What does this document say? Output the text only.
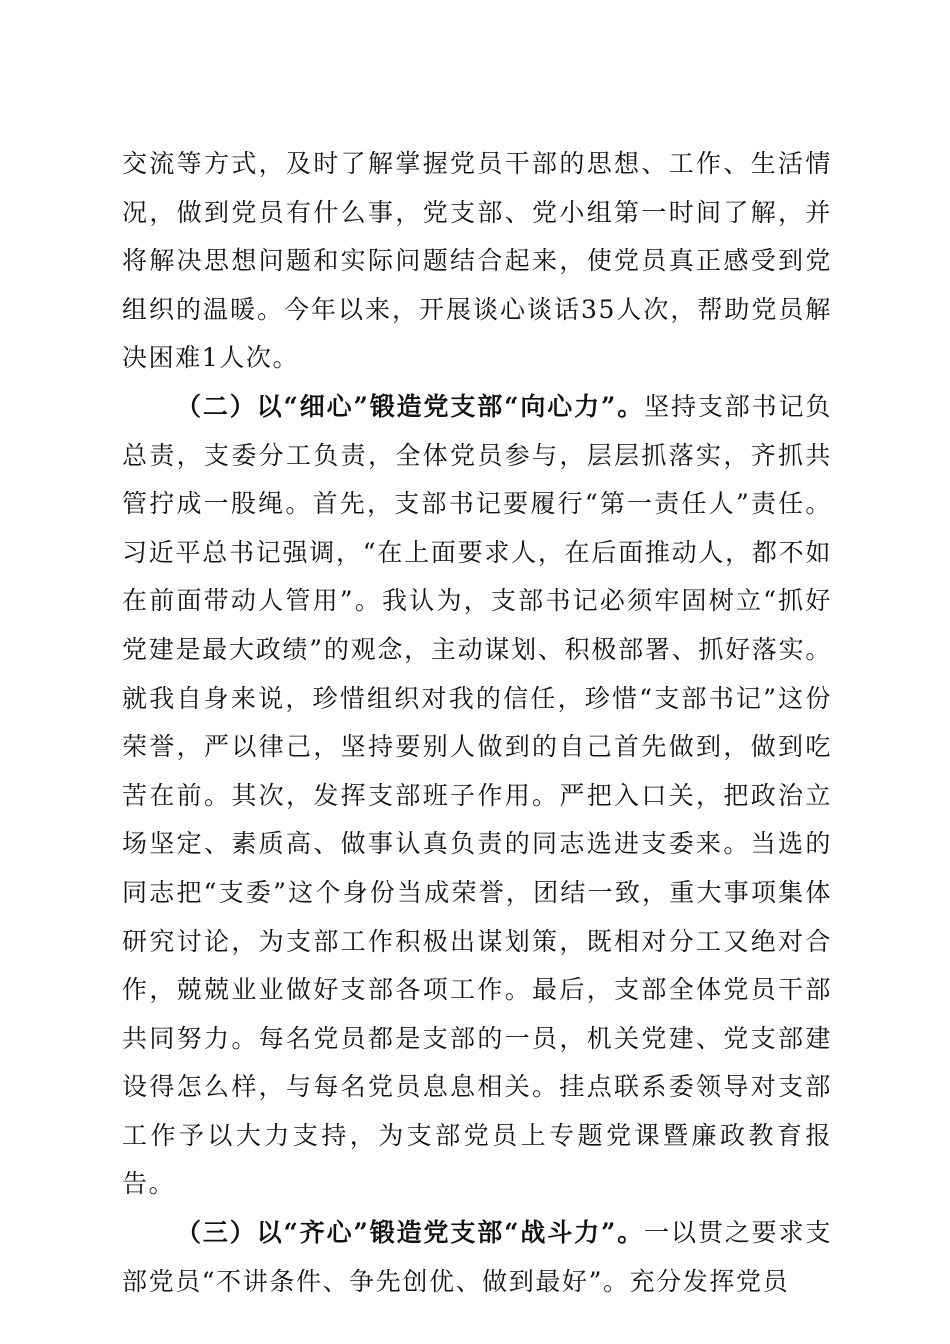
交流等方式，及时了解掌握党员干部的思想、工作、生活情况，做到党员有什么事，党支部、党小组第一时间了解，并将解决思想问题和实际问题结合起来，使党员真正感受到党组织的温暖。今年以来，开展谈心谈话35人次，帮助党员解决困难1人次。

（二）以“细心”锻造党支部“向心力”。坚持支部书记负总责，支委分工负责，全体党员参与，层层抓落实，齐抓共管拧成一股绳。首先，支部书记要履行“第一责任人”责任。习近平总书记强调，“在上面要求人，在后面推动人，都不如在前面带动人管用”。我认为，支部书记必须牢固树立“抓好党建是最大政绩”的观念，主动谋划、积极部署、抓好落实。就我自身来说，珍惜组织对我的信任，珍惜“支部书记”这份荣誉，严以律己，坚持要别人做到的自己首先做到，做到吃苦在前。其次，发挥支部班子作用。严把入口关，把政治立场坚定、素质高、做事认真负责的同志选进支委来。当选的同志把“支委”这个身份当成荣誉，团结一致，重大事项集体研究讨论，为支部工作积极出谋划策，既相对分工又绝对合作，兢兢业业做好支部各项工作。最后，支部全体党员干部共同努力。每名党员都是支部的一员，机关党建、党支部建设得怎么样，与每名党员息息相关。挂点联系委领导对支部工作予以大力支持，为支部党员上专题党课暨廉政教育报告。

（三）以“齐心”锻造党支部“战斗力”。一以贯之要求支部党员“不讲条件、争先创优、做到最好”。充分发挥党员
